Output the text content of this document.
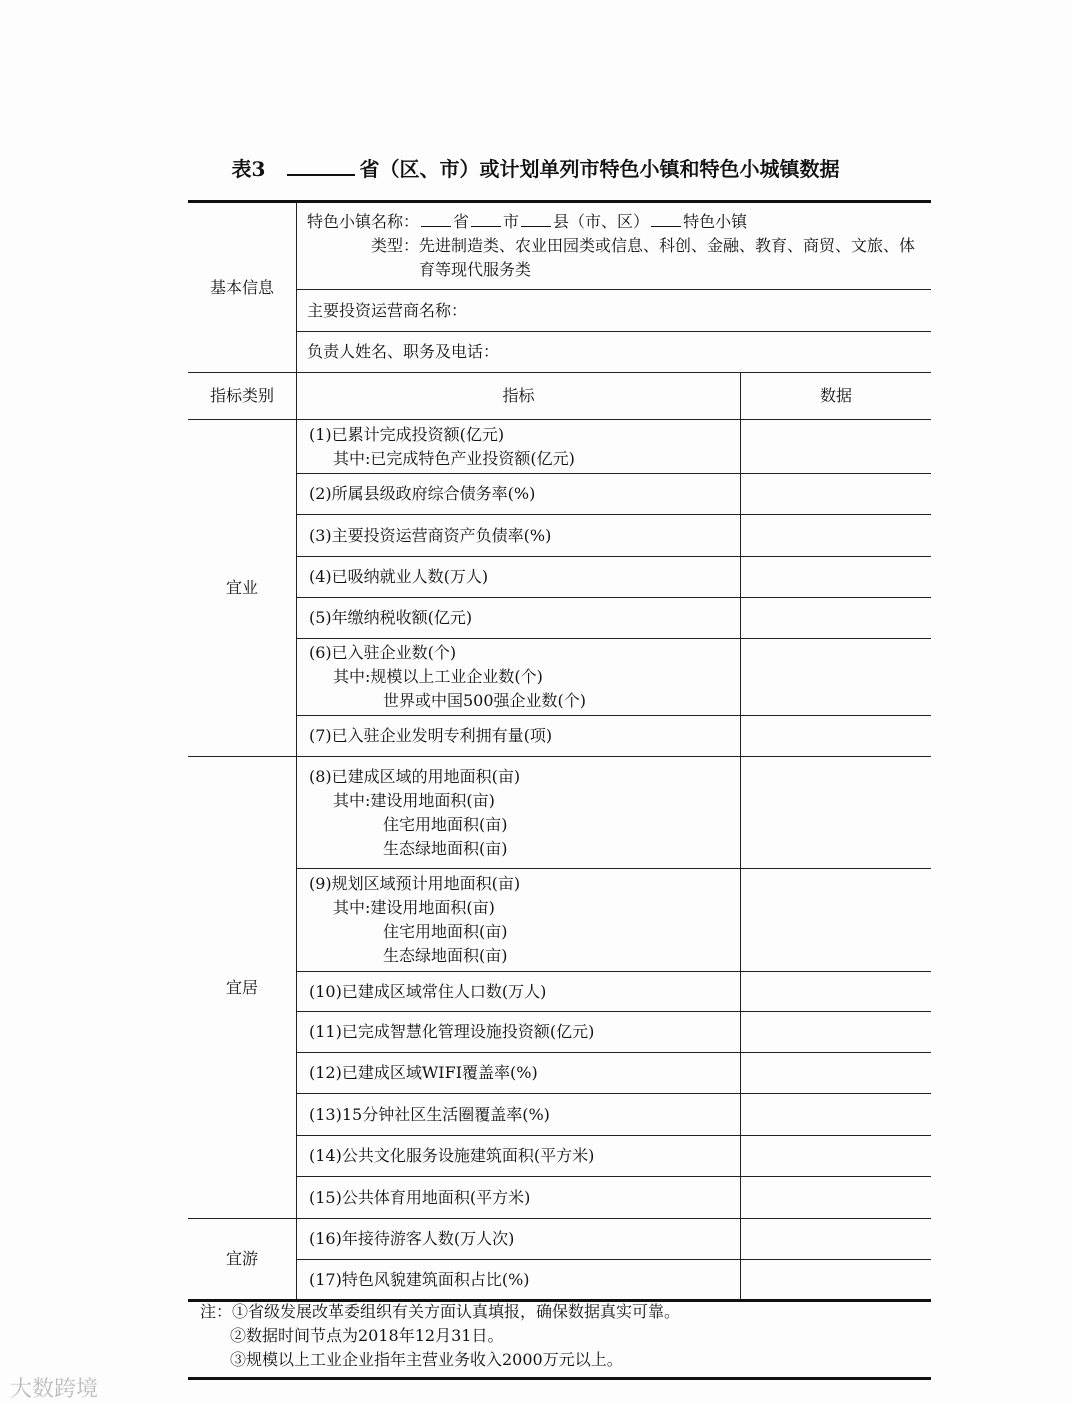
表3	省（区、市）或计划单列市特色小镇和特色小城镇数据
基本信息	特色小镇名称： 省 市 县（市、区） 特色小镇
类型： 先进制造类、农业田园类或信息、科创、金融、教育、商贸、文旅、体育等现代服务类	

	主要投资运营商名称：	
	负责人姓名、职务及电话：	
指标类别	指标	数据
宜业	(1)已累计完成投资额(亿元)
其中:已完成特色产业投资额(亿元)	

	(2)所属县级政府综合债务率(%)	

	(3)主要投资运营商资产负债率(%)	

	(4)已吸纳就业人数(万人)	

	(5)年缴纳税收额(亿元)	

	(6)已入驻企业数(个)
其中:规模以上工业企业数(个)
世界或中国500强企业数(个)	

	(7)已入驻企业发明专利拥有量(项)	

宜居	(8)已建成区域的用地面积(亩)
其中:建设用地面积(亩)
住宅用地面积(亩)
生态绿地面积(亩)	

	(9)规划区域预计用地面积(亩)
其中:建设用地面积(亩)
住宅用地面积(亩)
生态绿地面积(亩)	

	(10)已建成区域常住人口数(万人)	

	(11)已完成智慧化管理设施投资额(亿元)	

	(12)已建成区域WIFI覆盖率(%)	

	(13)15分钟社区生活圈覆盖率(%)	

	(14)公共文化服务设施建筑面积(平方米)	

	(15)公共体育用地面积(平方米)	

宜游	(16)年接待游客人数(万人次)	

	(17)特色风貌建筑面积占比(%)	

注：①省级发展改革委组织有关方面认真填报，确保数据真实可靠。
②数据时间节点为2018年12月31日。
③规模以上工业企业指年主营业务收入2000万元以上。
大数跨境
